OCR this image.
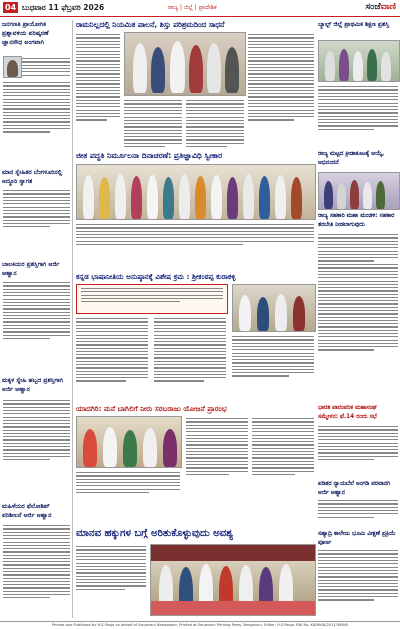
04 ಬುಧವಾರ 11 ಫೆಬ್ರವರಿ 2026	ರಾಜ್ಯ | ಜಿಲ್ಲೆ | ಪ್ರಾದೇಶಿಕ	ಸಂಜೆವಾಣಿ
ಜನಗಣತಿ ಪ್ರಾಯೋಗಿಕ ಪ್ರಶ್ನಾವಳಿಯ ಪರಿಷ್ಕರಣೆ ಜ್ಞಾನಸೌಧ ಅಂಗವಾಗಿ
ಮಾನ ಸ್ನೇಹಿತರ ಬೆಂಗಳೂರಿನಲ್ಲಿ ಅದ್ಧೂರಿ ಸ್ವಾಗತ
ಬಾಲಕಿಯರ ಪ್ರಶಸ್ತಿಗಾಗಿ ಅರ್ಜಿ ಆಹ್ವಾನ
ಮಕ್ಕಳ ಸ್ನೇಹಿ ಹಬ್ಬದ ಪ್ರಶಸ್ತಿಗಾಗಿ ಅರ್ಜಿ ಆಹ್ವಾನ
ಮಹಿಳೆಯರ ಫೆಲೋಶಿಪ್ ಪರಿಶೀಲನೆ ಅರ್ಜಿ ಆಹ್ವಾನ
ರಾಮನಿಲ್ಲದಲ್ಲಿ ನಿಯಮಿತ ಪಾಲನೆ, ಶಿಸ್ತು ಪರಿಶ್ರಮದಿಂದ ಸಾಧನೆ	ಬ್ಯಾಲ್ಟ್ ಜಿಲ್ಲೆ ಪ್ರಾಥಮಿಕ ಶಿಕ್ಷಣ ಪ್ರಶಸ್ತಿ
ರಾಜ್ಯ ಮಟ್ಟದ ಕ್ರೀಡಾಕೂಟಕ್ಕೆ ಆಯ್ಕೆ, ಅಭಿನಂದನೆ
ರಾಜ್ಯ ಸಹಕಾರಿ ಮಹಾ ಮಂಡಳಿ: ಸಹಕಾರ ತರಬೇತಿ ನೀಡಲಾಗುವುದು
ಜೀತ ಪದ್ಧತಿ ನಿರ್ಮೂಲನಾ ದಿನಾಚರಣೆ: ಪ್ರತಿಜ್ಞಾವಿಧಿ ಸ್ವೀಕಾರ
ಕನ್ನಡ ಭಾಷಾನೀತಿಯ ಅನುಷ್ಠಾನಕ್ಕೆ ವಿಶೇಷ ಕ್ರಮ : ಶ್ರೀಕಂಠಪ್ಪ ಕುರಾಕಳ್ಳಿ
ಭಾರತ ಪಾರಂಪರಿಕ ಮಹಾಸಂಘ ಸಮ್ಮೇಳನ: ಫೆ.14 ರಂದು ಸಭೆ
ಪಡಿತರ ನ್ಯಾಯಬೆಲೆ ಅಂಗಡಿ ಪರವಾನಗಿ ಅರ್ಜಿ ಆಹ್ವಾನ
ಸಹ್ಯಾದ್ರಿ ಕಾಲೇಜು ಭೂಮಿ ವೀಕ್ಷಣೆ ಪ್ರಕ್ರಿಯೆ ಪೂರ್ಣ
ಯಾದಗಿರಿ: ಮನೆ ಬಾಗಿಲಿಗೆ ನೀರು ಸರಬರಾಜು ಯೋಜನೆ ಪ್ರಾರಂಭ
ಮಾನವ ಹಕ್ಕುಗಳ ಬಗ್ಗೆ ಅರಿತುಕೊಳ್ಳುವುದು ಅವಶ್ಯ
Printed and Published by H.S.Pooja on behalf of Sanjevani Newspaper, Printed at Sanjevani Printing Press, Bengaluru. Editor: H.S.Pooja. RNI No. KARKAN/2011/39645
